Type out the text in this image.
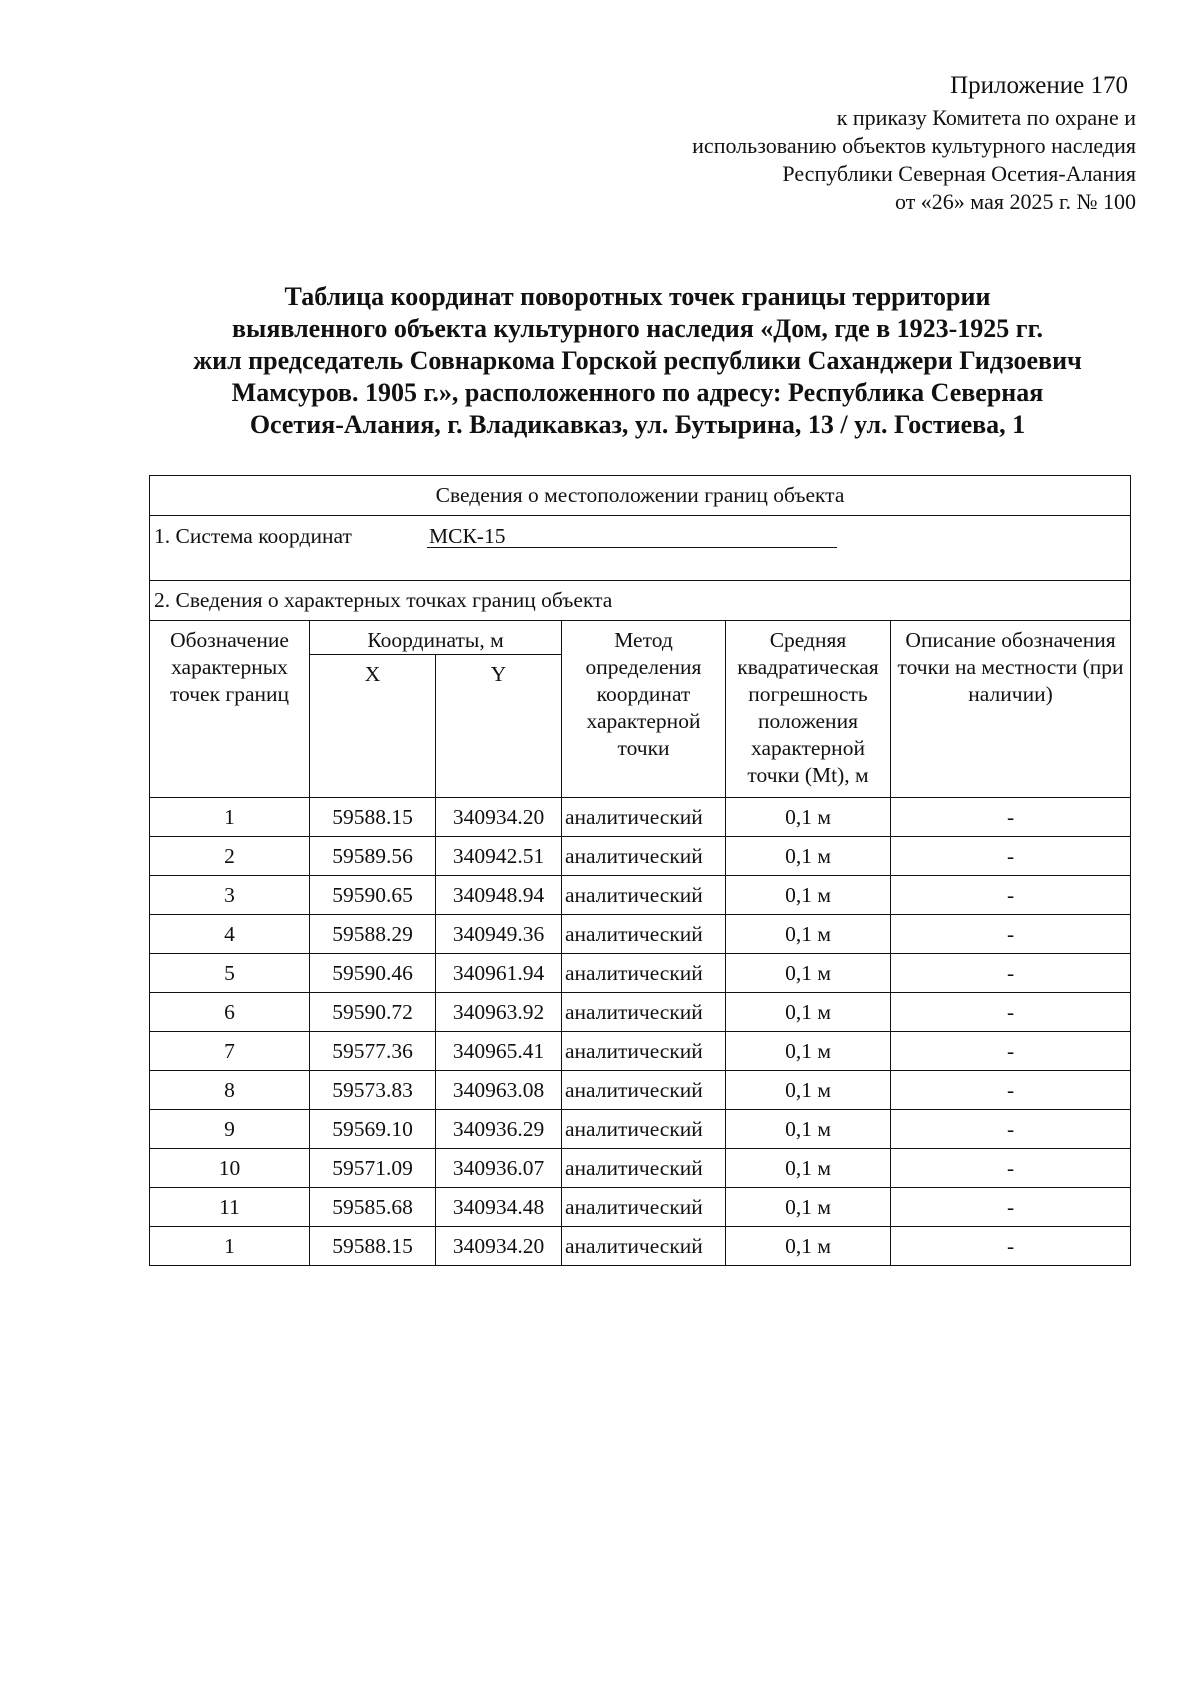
Приложение 170
к приказу Комитета по охране и
использованию объектов культурного наследия
Республики Северная Осетия-Алания
от «26» мая 2025 г. № 100
Таблица координат поворотных точек границы территории
выявленного объекта культурного наследия «Дом, где в 1923-1925 гг.
жил председатель Совнаркома Горской республики Саханджери Гидзоевич
Мамсуров. 1905 г.», расположенного по адресу: Республика Северная
Осетия-Алания, г. Владикавказ, ул. Бутырина, 13 / ул. Гостиева, 1
Сведения о местоположении границ объекта					
1. Система координат МСК-15					
2. Сведения о характерных точках границ объекта					
Обозначение характерных точек границ	Координаты, м		Метод определения координат характерной точки	Средняя квадратическая погрешность положения характерной точки (Mt), м	Описание обозначения точки на местности (при наличии)
	X	Y			
1	59588.15	340934.20	аналитический	0,1 м	-
2	59589.56	340942.51	аналитический	0,1 м	-
3	59590.65	340948.94	аналитический	0,1 м	-
4	59588.29	340949.36	аналитический	0,1 м	-
5	59590.46	340961.94	аналитический	0,1 м	-
6	59590.72	340963.92	аналитический	0,1 м	-
7	59577.36	340965.41	аналитический	0,1 м	-
8	59573.83	340963.08	аналитический	0,1 м	-
9	59569.10	340936.29	аналитический	0,1 м	-
10	59571.09	340936.07	аналитический	0,1 м	-
11	59585.68	340934.48	аналитический	0,1 м	-
1	59588.15	340934.20	аналитический	0,1 м	-
